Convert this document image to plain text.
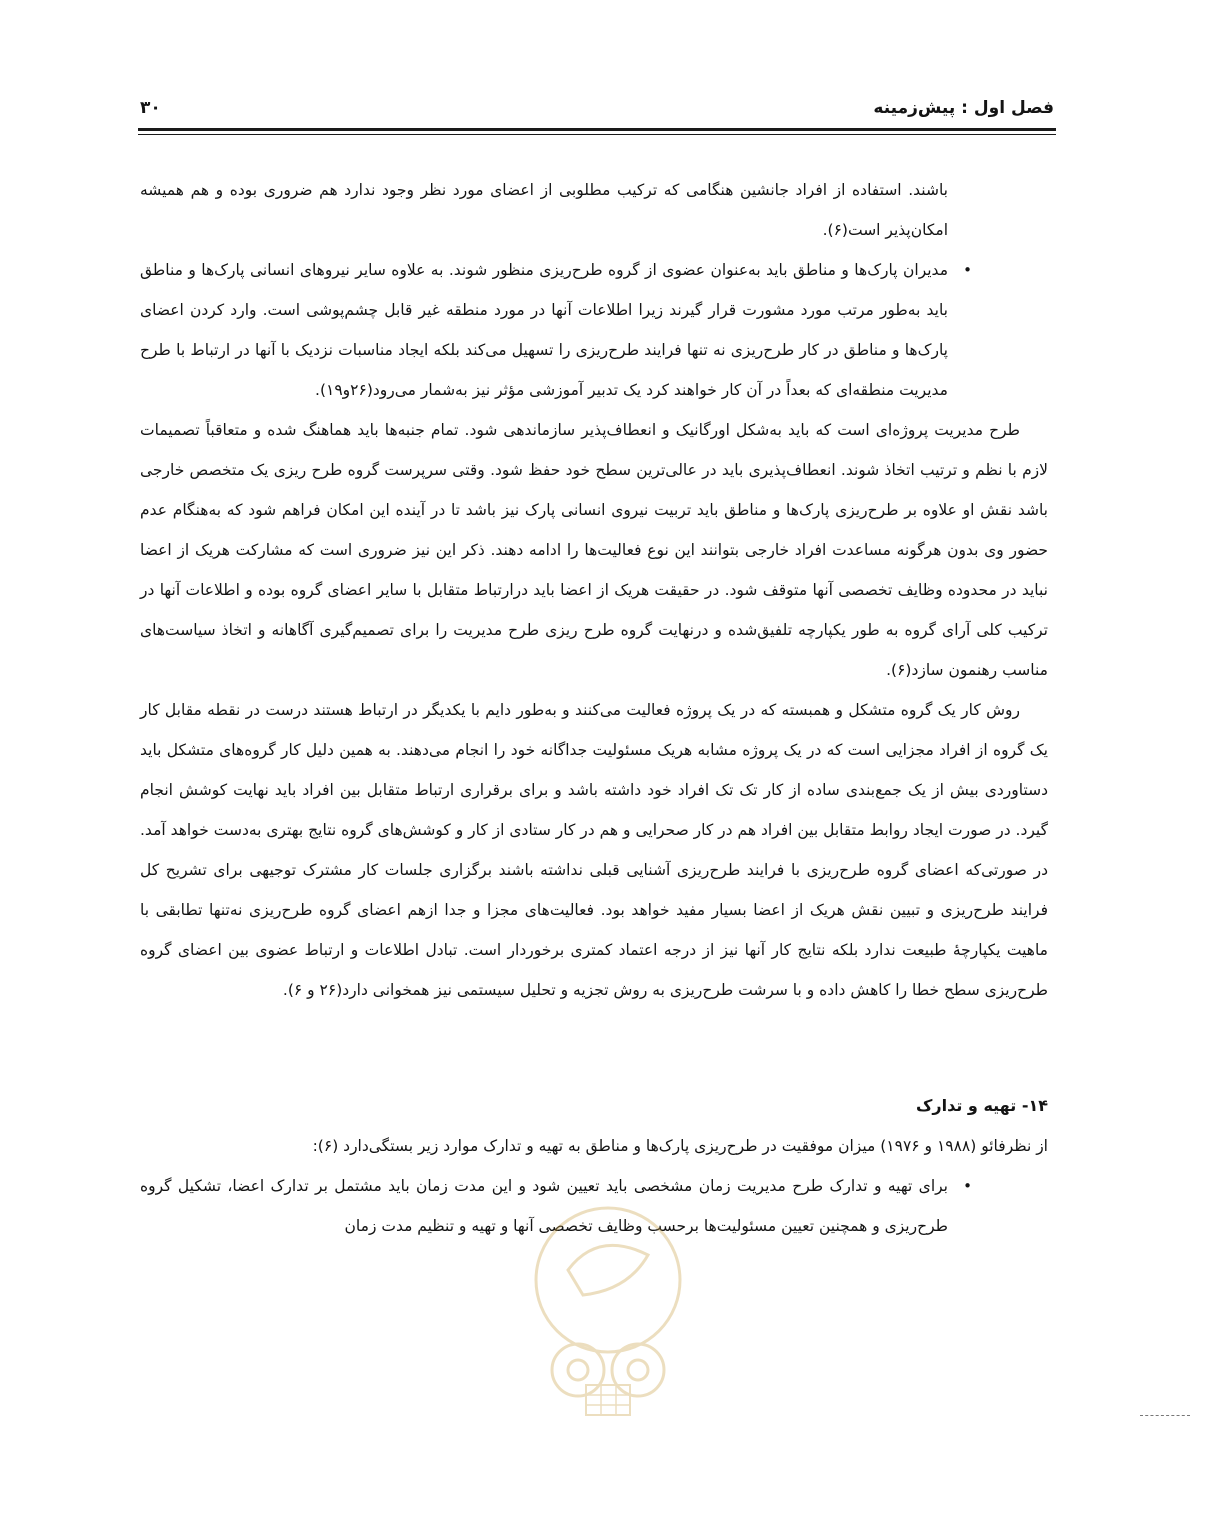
فصل اول : پیش‌زمینه
۳۰

باشند. استفاده از افراد جانشین هنگامی که ترکیب مطلوبی از اعضای مورد نظر وجود ندارد هم ضروری بوده و هم همیشه امکان‌پذیر است(۶).

•
مدیران پارک‌ها و مناطق باید به‌عنوان عضوی از گروه طرح‌ریزی منظور شوند. به علاوه سایر نیروهای انسانی پارک‌ها و مناطق باید به‌طور مرتب مورد مشورت قرار گیرند زیرا اطلاعات آنها در مورد منطقه غیر قابل چشم‌پوشی است. وارد کردن اعضای پارک‌ها و مناطق در کار طرح‌ریزی نه تنها فرایند طرح‌ریزی را تسهیل می‌کند بلکه ایجاد مناسبات نزدیک با آنها در ارتباط با طرح مدیریت منطقه‌ای که بعداً در آن کار خواهند کرد یک تدبیر آموزشی مؤثر نیز به‌شمار می‌رود(۲۶و۱۹).

طرح مدیریت پروژه‌ای است که باید به‌شکل اورگانیک و انعطاف‌پذیر سازماندهی شود. تمام جنبه‌ها باید هماهنگ شده و متعاقباً تصمیمات لازم با نظم و ترتیب اتخاذ شوند. انعطاف‌پذیری باید در عالی‌ترین سطح خود حفظ شود. وقتی سرپرست گروه طرح ریزی یک متخصص خارجی باشد نقش او علاوه بر طرح‌ریزی پارک‌ها و مناطق باید تربیت نیروی انسانی پارک نیز باشد تا در آینده این امکان فراهم شود که به‌هنگام عدم حضور وی بدون هرگونه مساعدت افراد خارجی بتوانند این نوع فعالیت‌ها را ادامه دهند. ذکر این نیز ضروری است که مشارکت هریک از اعضا نباید در محدوده وظایف تخصصی آنها متوقف شود. در حقیقت هریک از اعضا باید درارتباط متقابل با سایر اعضای گروه بوده و اطلاعات آنها در ترکیب کلی آرای گروه به طور یکپارچه تلفیق‌شده و درنهایت گروه طرح ریزی طرح مدیریت را برای تصمیم‌گیری آگاهانه و اتخاذ سیاست‌های مناسب رهنمون سازد(۶).

روش کار یک گروه متشکل و همبسته که در یک پروژه فعالیت می‌کنند و به‌طور دایم با یکدیگر در ارتباط هستند درست در نقطه مقابل کار یک گروه از افراد مجزایی است که در یک پروژه مشابه هریک مسئولیت جداگانه خود را انجام می‌دهند. به همین دلیل کار گروه‌های متشکل باید دستاوردی بیش از یک جمع‌بندی ساده از کار تک تک افراد خود داشته باشد و برای برقراری ارتباط متقابل بین افراد باید نهایت کوشش انجام گیرد. در صورت ایجاد روابط متقابل بین افراد هم در کار صحرایی و هم در کار ستادی از کار و کوشش‌های گروه نتایج بهتری به‌دست خواهد آمد. در صورتی‌که اعضای گروه طرح‌ریزی با فرایند طرح‌ریزی آشنایی قبلی نداشته باشند برگزاری جلسات کار مشترک توجیهی برای تشریح کل فرایند طرح‌ریزی و تبیین نقش هریک از اعضا بسیار مفید خواهد بود. فعالیت‌های مجزا و جدا ازهم اعضای گروه طرح‌ریزی نه‌تنها تطابقی با ماهیت یکپارچهٔ طبیعت ندارد بلکه نتایج کار آنها نیز از درجه اعتماد کمتری برخوردار است. تبادل اطلاعات و ارتباط عضوی بین اعضای گروه طرح‌ریزی سطح خطا را کاهش داده و با سرشت طرح‌ریزی به روش تجزیه و تحلیل سیستمی نیز همخوانی دارد(۲۶ و ۶).

۱۴- تهیه و تدارک

از نظرفائو (۱۹۸۸ و ۱۹۷۶) میزان موفقیت در طرح‌ریزی پارک‌ها و مناطق به تهیه و تدارک موارد زیر بستگی‌دارد (۶):

•
برای تهیه و تدارک طرح مدیریت زمان مشخصی باید تعیین شود و این مدت زمان باید مشتمل بر تدارک اعضا، تشکیل گروه طرح‌ریزی و همچنین تعیین مسئولیت‌ها برحسب وظایف تخصصی آنها و تهیه و تنظیم مدت زمان
